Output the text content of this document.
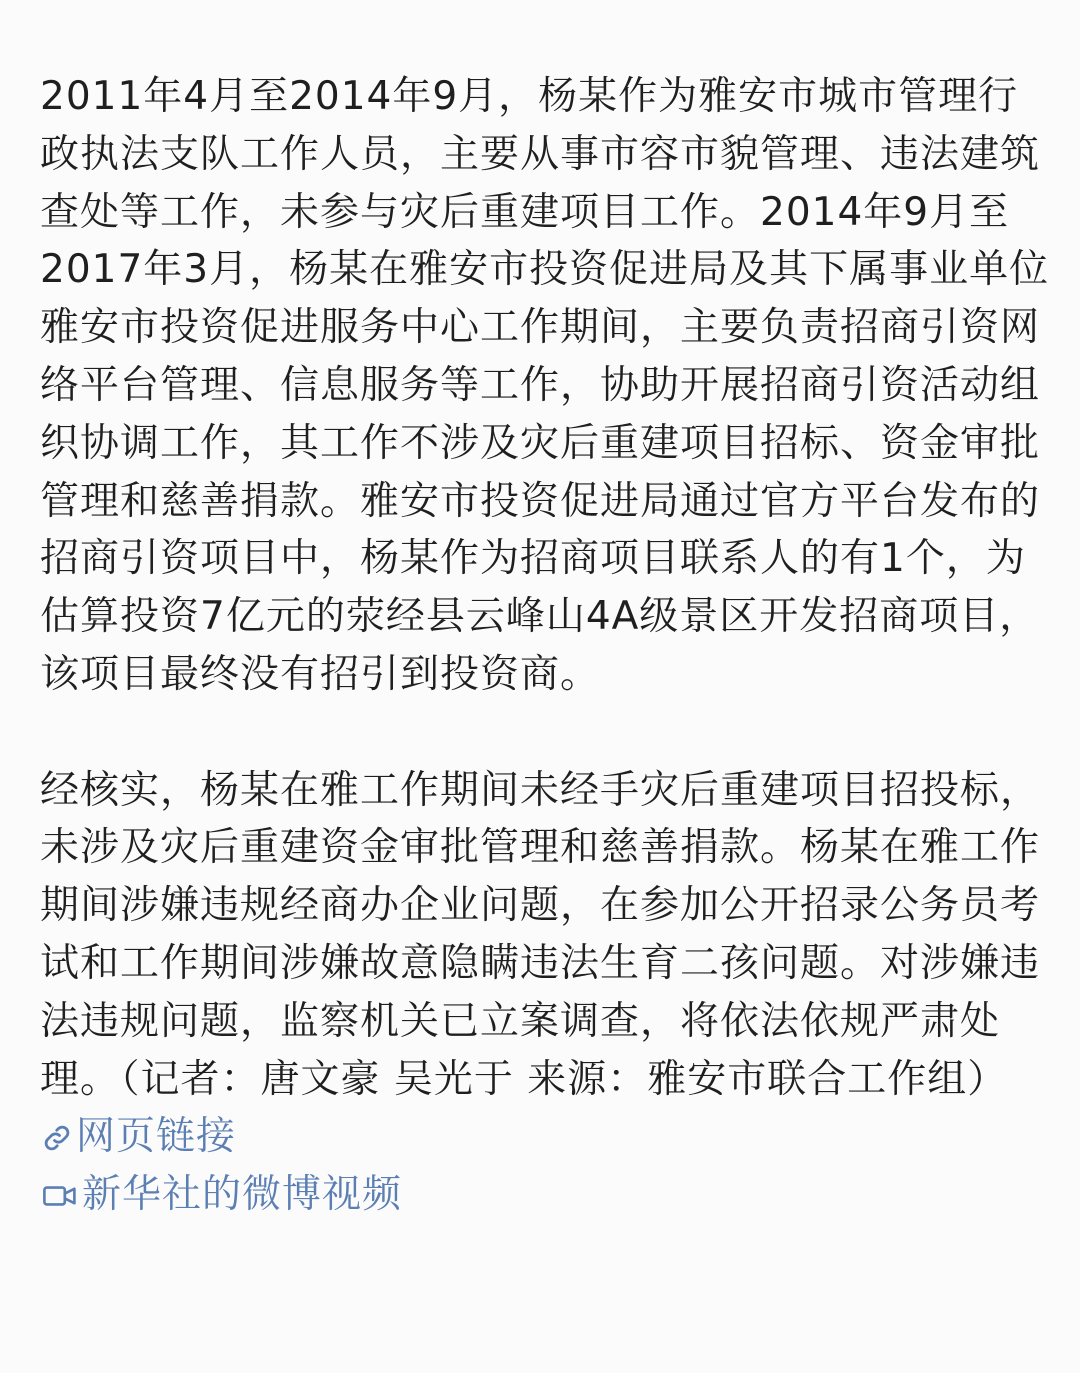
2011年4月至2014年9月，杨某作为雅安市城市管理行政执法支队工作人员，主要从事市容市貌管理、违法建筑查处等工作，未参与灾后重建项目工作。2014年9月至2017年3月，杨某在雅安市投资促进局及其下属事业单位雅安市投资促进服务中心工作期间，主要负责招商引资网络平台管理、信息服务等工作，协助开展招商引资活动组织协调工作，其工作不涉及灾后重建项目招标、资金审批管理和慈善捐款。雅安市投资促进局通过官方平台发布的招商引资项目中，杨某作为招商项目联系人的有1个，为估算投资7亿元的荥经县云峰山4A级景区开发招商项目，该项目最终没有招引到投资商。

经核实，杨某在雅工作期间未经手灾后重建项目招投标，未涉及灾后重建资金审批管理和慈善捐款。杨某在雅工作期间涉嫌违规经商办企业问题，在参加公开招录公务员考试和工作期间涉嫌故意隐瞒违法生育二孩问题。对涉嫌违法违规问题，监察机关已立案调查，将依法依规严肃处理。（记者：唐文豪 吴光于 来源：雅安市联合工作组）
网页链接

新华社的微博视频
